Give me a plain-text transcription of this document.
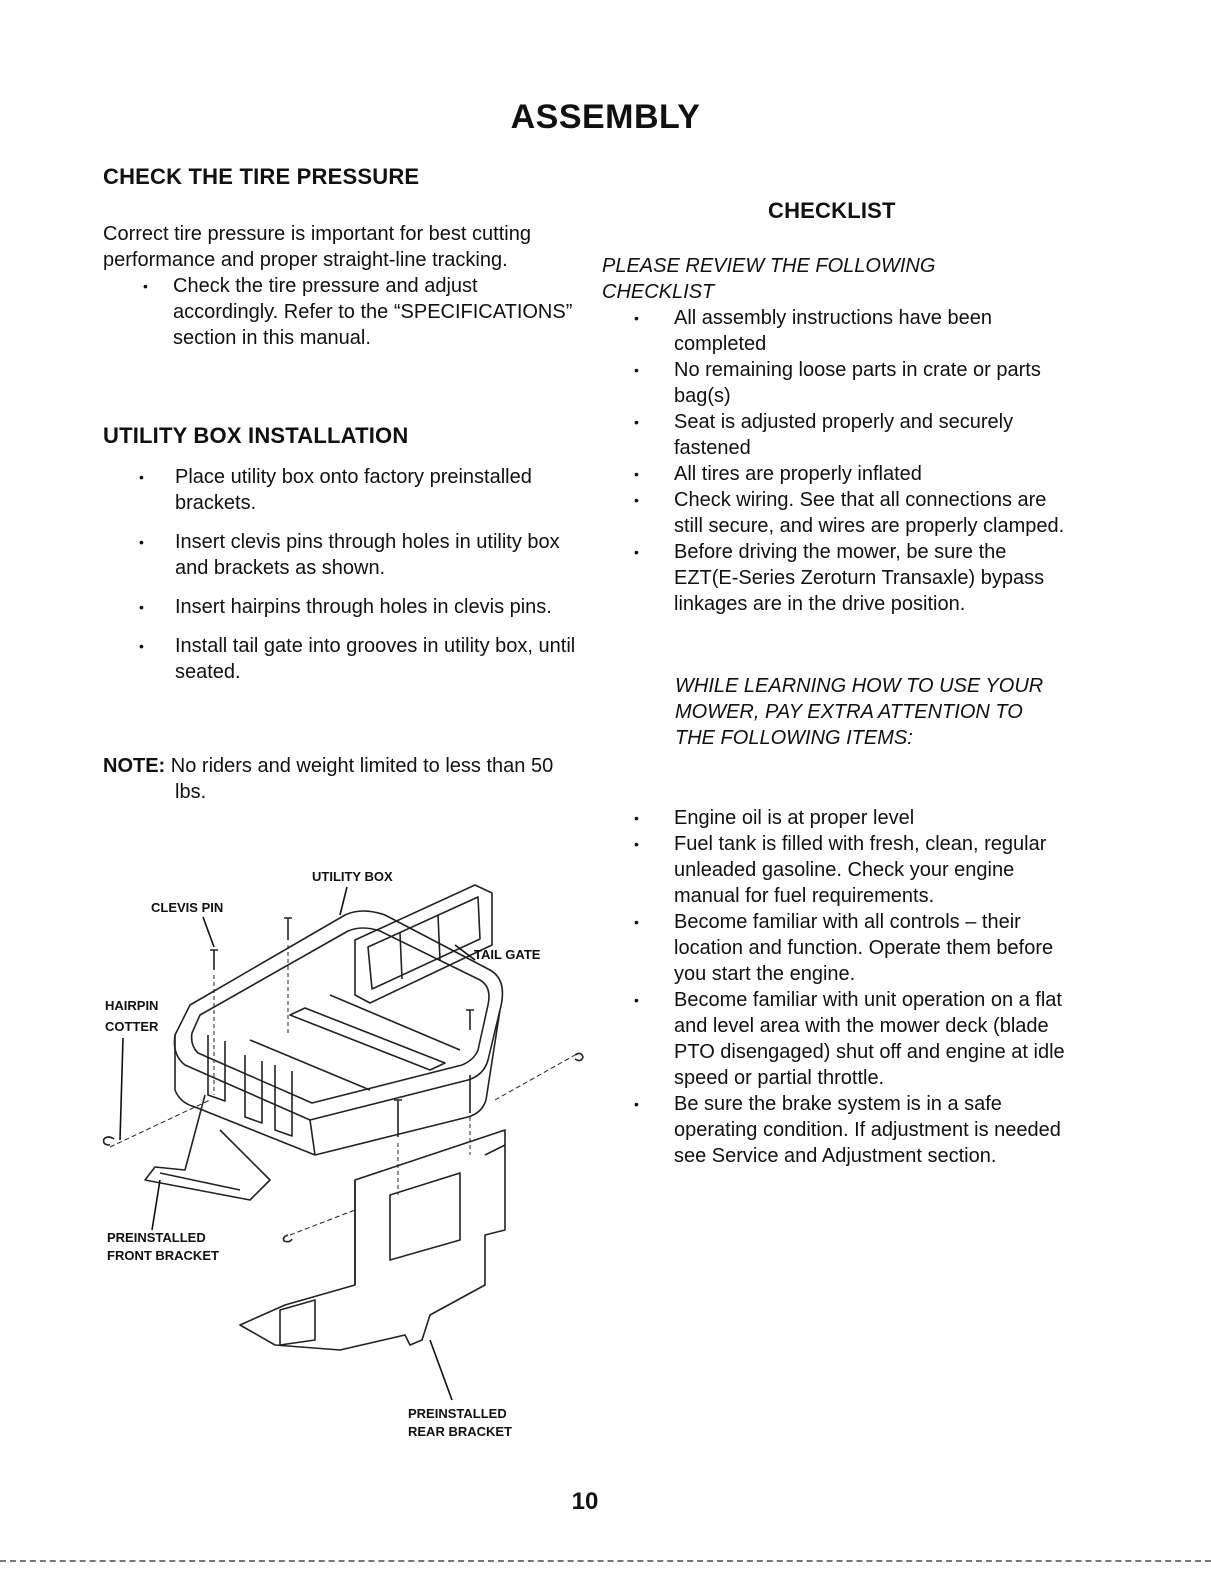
ASSEMBLY
CHECK THE TIRE PRESSURE
Correct tire pressure is important for best cutting performance and proper straight-line tracking.
• Check the tire pressure and adjust accordingly. Refer to the “SPECIFICATIONS” section in this manual.
UTILITY BOX INSTALLATION
• Place utility box onto factory preinstalled brackets.
• Insert clevis pins through holes in utility box and brackets as shown.
• Insert hairpins through holes in clevis pins.
• Install tail gate into grooves in utility box, until seated.
NOTE: No riders and weight limited to less than 50 lbs.
UTILITY BOX
CLEVIS PIN
TAIL GATE
HAIRPIN
COTTER
PREINSTALLED
FRONT BRACKET
PREINSTALLED
REAR BRACKET
CHECKLIST
PLEASE REVIEW THE FOLLOWING CHECKLIST
• All assembly instructions have been completed
• No remaining loose parts in crate or parts bag(s)
• Seat is adjusted properly and securely fastened
• All tires are properly inflated
• Check wiring. See that all connections are still secure, and wires are properly clamped.
• Before driving the mower, be sure the EZT(E-Series Zeroturn Transaxle) bypass linkages are in the drive position.
WHILE LEARNING HOW TO USE YOUR MOWER, PAY EXTRA ATTENTION TO THE FOLLOWING ITEMS:
• Engine oil is at proper level
• Fuel tank is filled with fresh, clean, regular unleaded gasoline. Check your engine manual for fuel requirements.
• Become familiar with all controls – their location and function. Operate them before you start the engine.
• Become familiar with unit operation on a flat and level area with the mower deck (blade PTO disengaged) shut off and engine at idle speed or partial throttle.
• Be sure the brake system is in a safe operating condition. If adjustment is needed see Service and Adjustment section.
10
